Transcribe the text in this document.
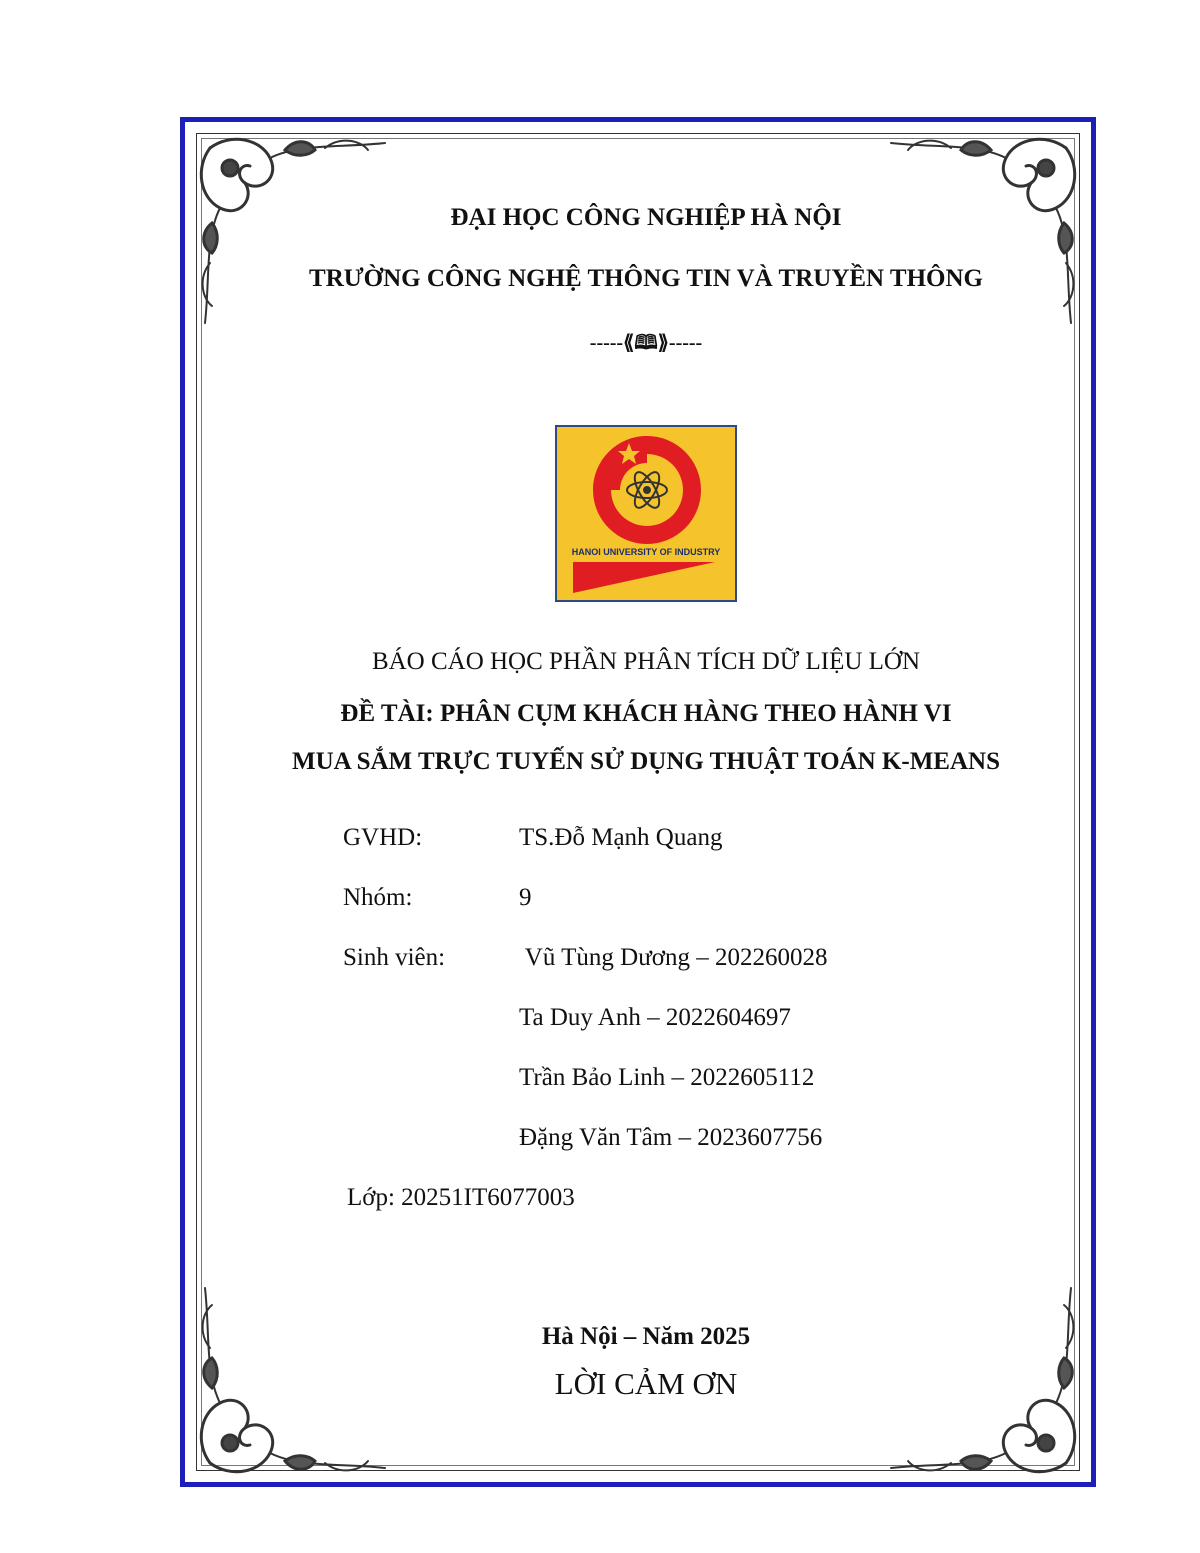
ĐẠI HỌC CÔNG NGHIỆP HÀ NỘI
TRƯỜNG CÔNG NGHỆ THÔNG TIN VÀ TRUYỀN THÔNG
-----⟪🕮⟫-----
HANOI UNIVERSITY OF INDUSTRY
BÁO CÁO HỌC PHẦN PHÂN TÍCH DỮ LIỆU LỚN
ĐỀ TÀI: PHÂN CỤM KHÁCH HÀNG THEO HÀNH VI
MUA SẮM TRỰC TUYẾN SỬ DỤNG THUẬT TOÁN K-MEANS
GVHD:	TS.Đỗ Mạnh Quang
Nhóm:	9
Sinh viên:	Vũ Tùng Dương – 202260028
Ta Duy Anh – 2022604697
Trần Bảo Linh – 2022605112
Đặng Văn Tâm – 2023607756
Lớp: 20251IT6077003
Hà Nội – Năm 2025
LỜI CẢM ƠN
